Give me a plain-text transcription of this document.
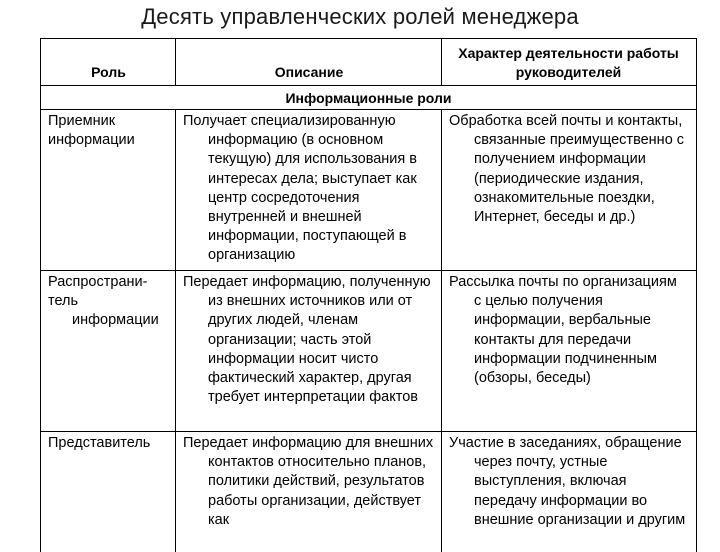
Десять управленческих ролей менеджера
Роль	Описание
Характер деятельности работы руководителей
Информационные роли
Приемник
информации
Получает специализированную информацию (в основном текущую) для использования в интересах дела; выступает как центр сосредоточения внутренней и внешней информации, поступающей в организацию
Обработка всей почты и контакты, связанные преимущественно с получением информации (периодические издания, ознакомительные поездки, Интернет, беседы и др.)
Распространи-
тель
информации
Передает информацию, полученную из внешних источников или от других людей, членам организации; часть этой информации носит чисто фактический характер, другая требует интерпретации фактов
Рассылка почты по организациям с целью получения информации, вербальные контакты для передачи информации подчиненным (обзоры, беседы)
Представитель	Передает информацию для внешних контактов относительно планов, политики действий, результатов работы организации, действует как
Участие в заседаниях, обращение через почту, устные выступления, включая передачу информации во внешние организации и другим
